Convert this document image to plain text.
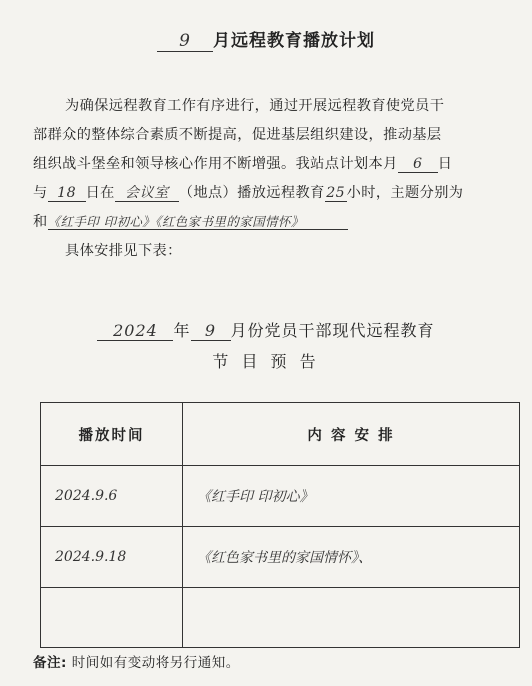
9 月远程教育播放计划
为确保远程教育工作有序进行，通过开展远程教育使党员干
部群众的整体综合素质不断提高，促进基层组织建设，推动基层
组织战斗堡垒和领导核心作用不断增强。我站点计划本月 6 日
与 18 日在 会议室 （地点）播放远程教育 25 小时，主题分别为
和《红手印 印初心》《红色家书里的家国情怀》
具体安排见下表：
2024 年 9 月份党员干部现代远程教育
节 目 预 告
播放时间	内 容 安 排
2024.9.6	《红手印 印初心》
2024.9.18	《红色家书里的家国情怀》、

备注: 时间如有变动将另行通知。
